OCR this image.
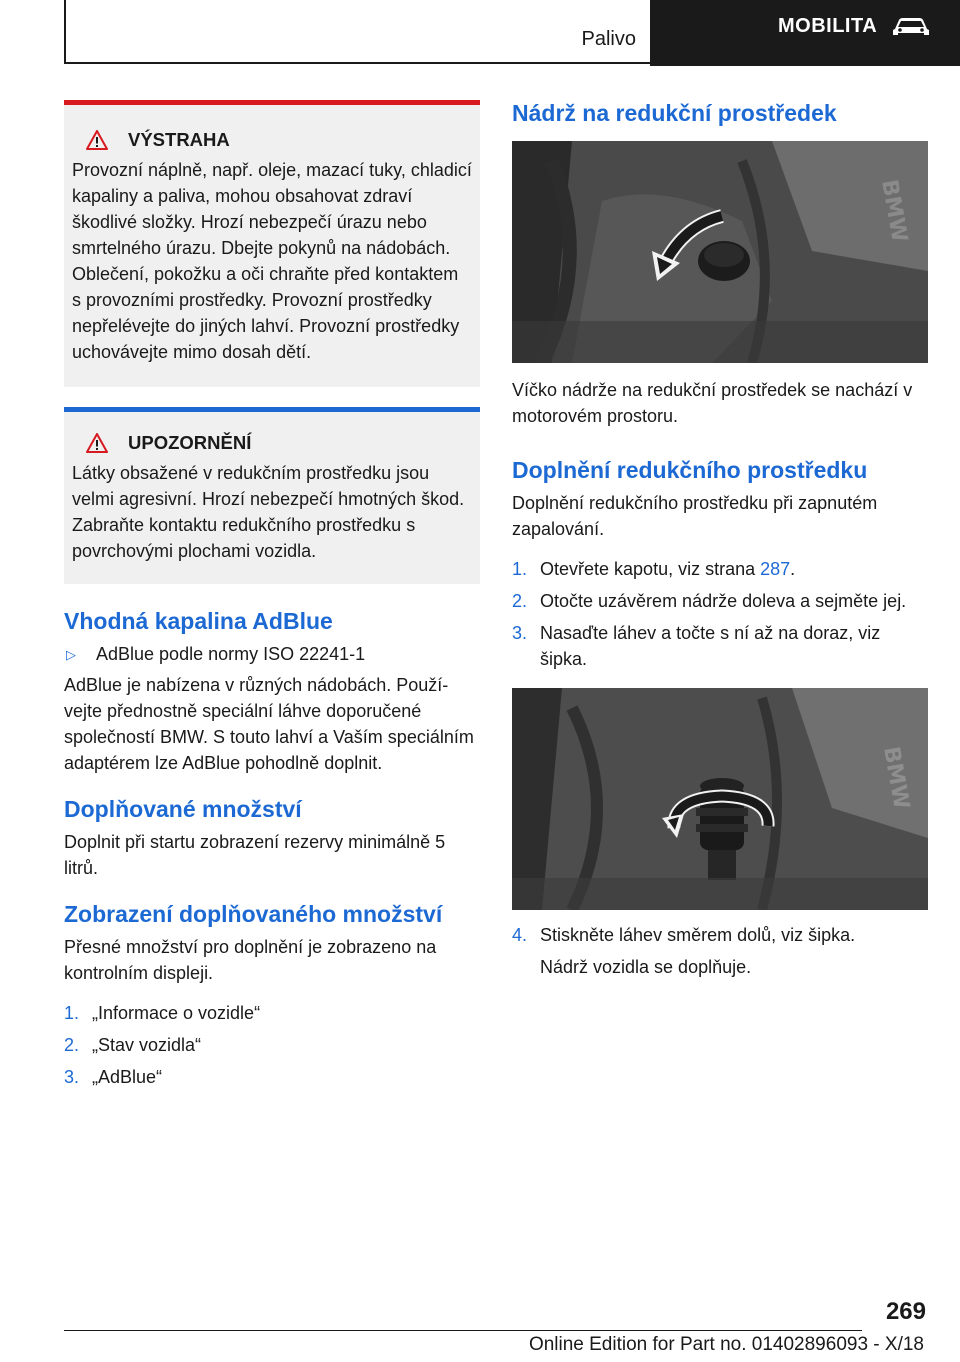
Palivo
MOBILITA
VÝSTRAHA
Provozní náplně, např. oleje, mazací tuky, chladicí kapaliny a paliva, mohou obsahovat zdraví škodlivé složky. Hrozí nebezpečí úrazu nebo smrtelného úrazu. Dbejte pokynů na nádobách. Oblečení, pokožku a oči chraňte před kontaktem s provozními prostředky. Provozní prostředky nepřelévejte do jiných lahví. Provozní prostředky uchovávejte mimo dosah dětí.
UPOZORNĚNÍ
Látky obsažené v redukčním prostředku jsou velmi agresivní. Hrozí nebezpečí hmotných škod. Zabraňte kontaktu redukčního prostředku s povrchovými plochami vozidla.
Vhodná kapalina AdBlue
▷	AdBlue podle normy ISO 22241-1

AdBlue je nabízena v různých nádobách. Používejte přednostně speciální láhve doporučené společností BMW. S touto lahví a Vaším speciálním adaptérem lze AdBlue pohodlně doplnit.

Doplňované množství

Doplnit při startu zobrazení rezervy minimálně 5 litrů.

Zobrazení doplňovaného množství

Přesné množství pro doplnění je zobrazeno na kontrolním displeji.

1. „Informace o vozidle“
2. „Stav vozidla“
3. „AdBlue“
Nádrž na redukční prostředek
BMW

Víčko nádrže na redukční prostředek se nachází v motorovém prostoru.

Doplnění redukčního prostředku

Doplnění redukčního prostředku při zapnutém zapalování.

1. Otevřete kapotu, viz strana 287.
2. Otočte uzávěrem nádrže doleva a sejměte jej.
3. Nasaďte láhev a točte s ní až na doraz, viz šipka.
BMW
4. Stiskněte láhev směrem dolů, viz šipka.
Nádrž vozidla se doplňuje.
269
Online Edition for Part no. 01402896093 - X/18
